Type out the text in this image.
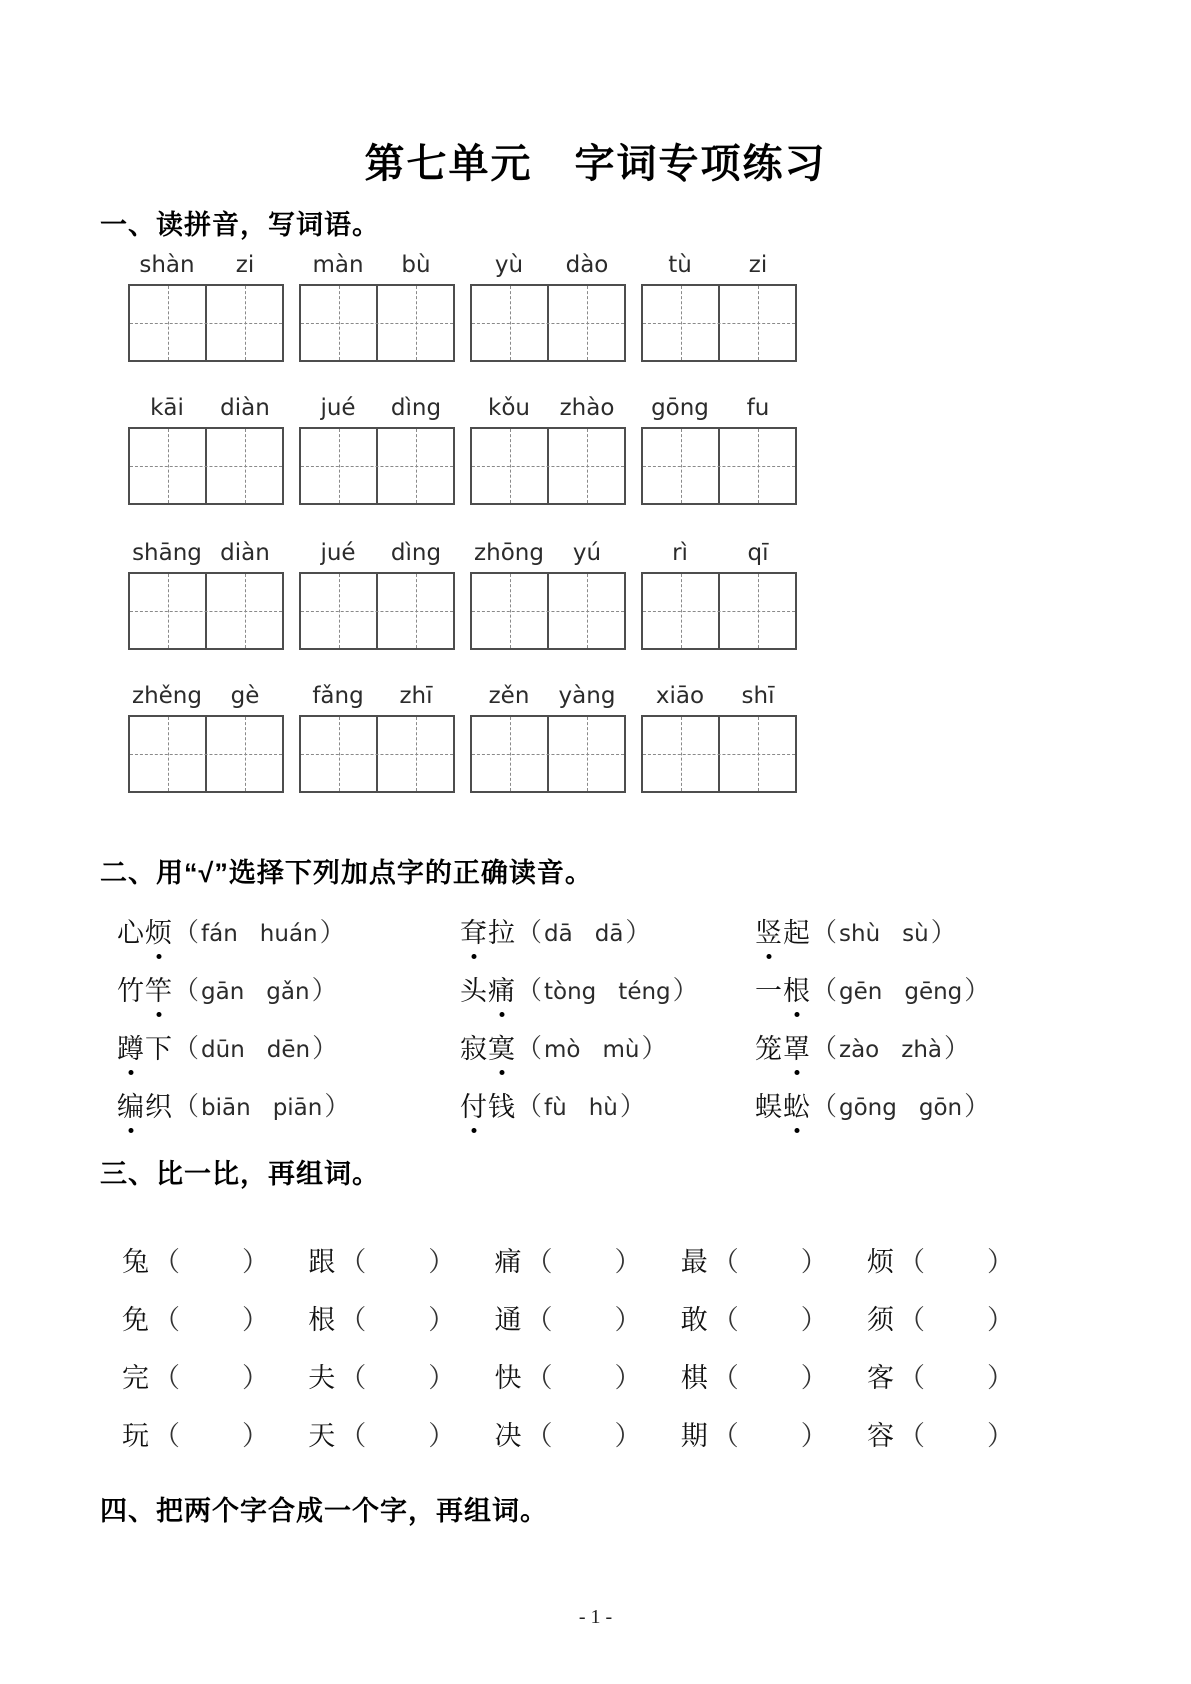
第七单元　字词专项练习
一、读拼音，写词语。
shàn	zi	màn	bù	yù	dào	tù	zi
kāi	diàn	jué	dìng	kǒu	zhào	gōng	fu
shāng diàn	jué	dìng	zhōng	yú	rì	qī
zhěng	gè	fǎng	zhī	zěn	yàng	xiāo	shī
二、用“√”选择下列加点字的正确读音。
心烦 （fán huán）	耷拉 （dā dā）	竖起 （shù sù）
竹竿 （gān gǎn）	头痛 （tòng téng） 一根 （gēn gēng）
蹲下 （dūn dēn）	寂寞 （mò mù）	笼罩 （zào zhà）
编织 （biān piān）	付钱 （fù hù）	蜈蚣 （gōng gōn）
三、比一比，再组词。
兔 （ ） 跟 （ ） 痛 （ ） 最 （ ） 烦 （ ）
免 （ ） 根 （ ） 通 （ ） 敢 （ ） 须 （ ）
完 （ ） 夫 （ ） 快 （ ） 棋 （ ） 客 （ ）
玩 （ ） 天 （ ） 决 （ ） 期 （ ） 容 （ ）
四、把两个字合成一个字，再组词。
- 1 -
